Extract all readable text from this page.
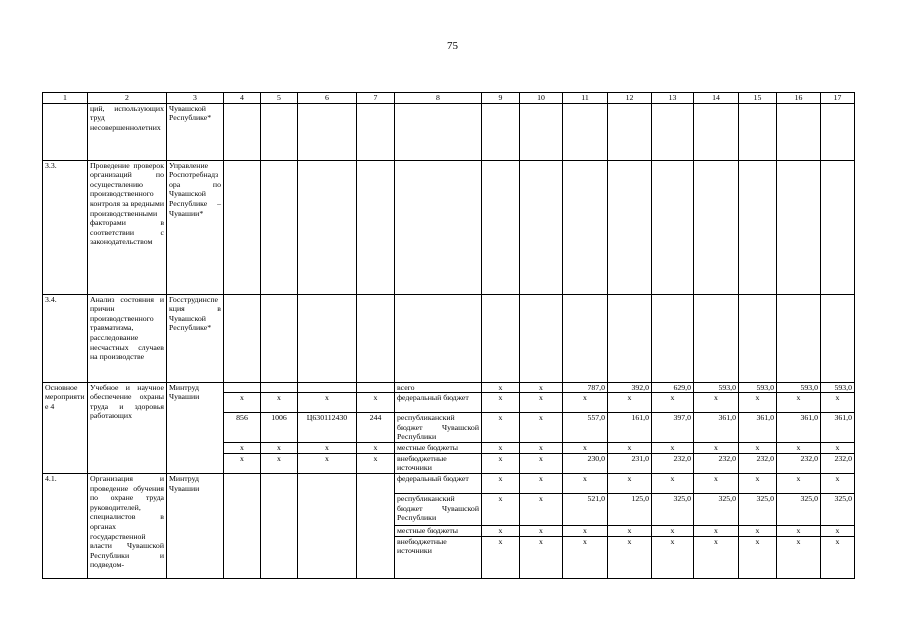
75
1	2	3	4	5	6	7	8	9	10	11	12	13	14	15	16	17
	ций, использующих труд несовершеннолетних	Чувашской Республике*														
3.3.	Проведение проверок организаций по осуществлению производственного контроля за вредными производственными факторами в соответствии с законодательством	Управление Роспотребнадзора по Чувашской Республике – Чувашии*														
3.4.	Анализ состояния и причин производственного травматизма, расследование несчастных случаев на производстве	Госструдинспекция в Чувашской Республике*														
Основное мероприятие 4	Учебное и научное обеспечение охраны труда и здоровья работающих	Минтруд Чувашии					всего	x	x	787,0	392,0	629,0	593,0	593,0	593,0	593,0
			x	x	x	x	федеральный бюджет	x	x	x	x	x	x	x	x	x
			856	1006	Ц630112430	244	республиканский бюджет Чувашской Республики	x	x	557,0	161,0	397,0	361,0	361,0	361,0	361,0
			x	x	x	x	местные бюджеты	x	x	x	x	x	x	x	x	x
			x	x	x	x	внебюджетные источники	x	x	230,0	231,0	232,0	232,0	232,0	232,0	232,0
4.1.	Организация и проведение обучения по охране труда руководителей, специалистов в органах государственной власти Чувашской Республики и подведом-	Минтруд Чувашии					федеральный бюджет	x	x	x	x	x	x	x	x	x
							республиканский бюджет Чувашской Республики	x	x	521,0	125,0	325,0	325,0	325,0	325,0	325,0
							местные бюджеты	x	x	x	x	x	x	x	x	x
							внебюджетные источники	x	x	x	x	x	x	x	x	x
